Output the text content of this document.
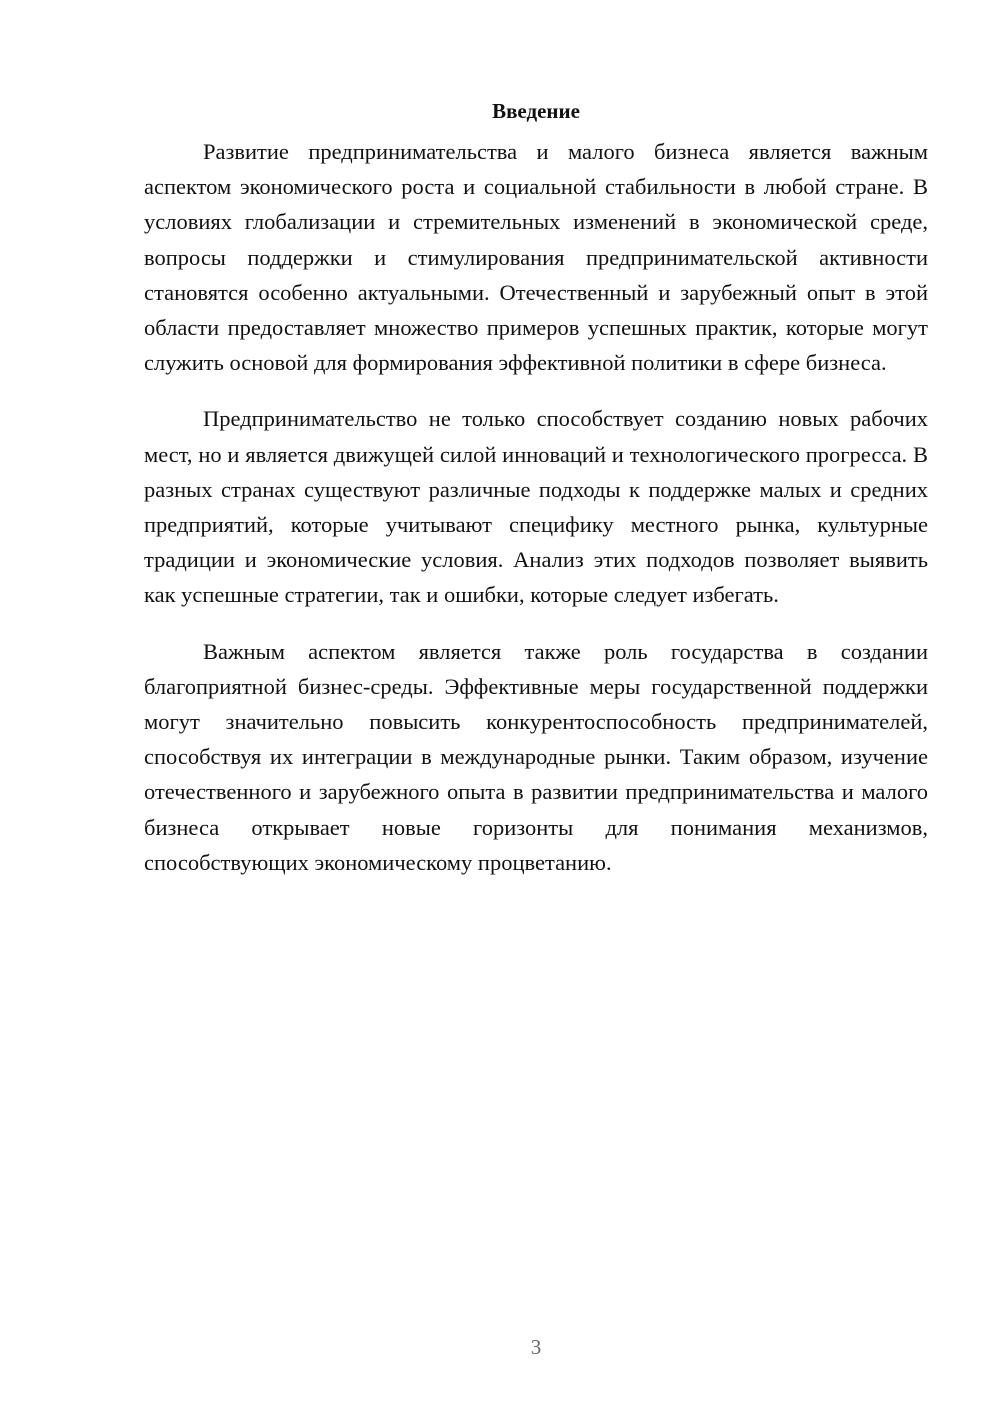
Введение

Развитие предпринимательства и малого бизнеса является важным аспектом экономического роста и социальной стабильности в любой стране. В условиях глобализации и стремительных изменений в экономической среде, вопросы поддержки и стимулирования предпринимательской активности становятся особенно актуальными. Отечественный и зарубежный опыт в этой области предоставляет множество примеров успешных практик, которые могут служить основой для формирования эффективной политики в сфере бизнеса.

Предпринимательство не только способствует созданию новых рабочих мест, но и является движущей силой инноваций и технологического прогресса. В разных странах существуют различные подходы к поддержке малых и средних предприятий, которые учитывают специфику местного рынка, культурные традиции и экономические условия. Анализ этих подходов позволяет выявить как успешные стратегии, так и ошибки, которые следует избегать.

Важным аспектом является также роль государства в создании благоприятной бизнес-среды. Эффективные меры государственной поддержки могут значительно повысить конкурентоспособность предпринимателей, способствуя их интеграции в международные рынки. Таким образом, изучение отечественного и зарубежного опыта в развитии предпринимательства и малого бизнеса открывает новые горизонты для понимания механизмов, способствующих экономическому процветанию.

3
